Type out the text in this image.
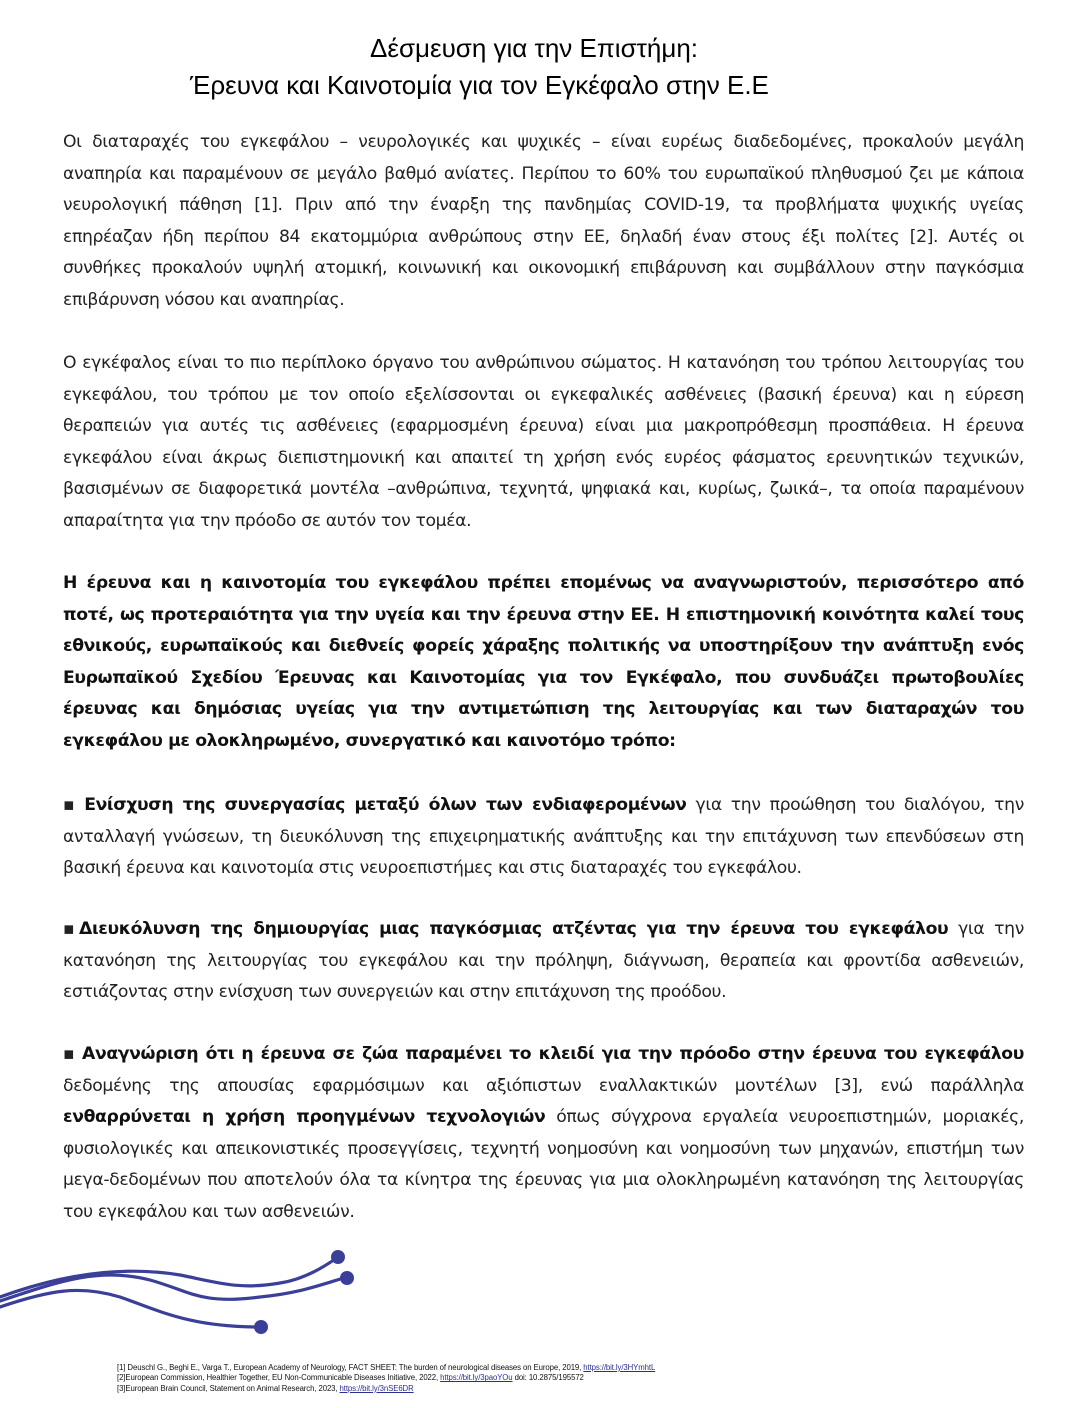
Δέσμευση για την Επιστήμη:
Έρευνα και Καινοτομία για τον Εγκέφαλο στην Ε.Ε
Οι διαταραχές του εγκεφάλου – νευρολογικές και ψυχικές – είναι ευρέως διαδεδομένες, προκαλούν μεγάλη αναπηρία και παραμένουν σε μεγάλο βαθμό ανίατες. Περίπου το 60% του ευρωπαϊκού πληθυσμού ζει με κάποια νευρολογική πάθηση [1]. Πριν από την έναρξη της πανδημίας COVID-19, τα προβλήματα ψυχικής υγείας επηρέαζαν ήδη περίπου 84 εκατομμύρια ανθρώπους στην ΕΕ, δηλαδή έναν στους έξι πολίτες [2]. Αυτές οι συνθήκες προκαλούν υψηλή ατομική, κοινωνική και οικονομική επιβάρυνση και συμβάλλουν στην παγκόσμια επιβάρυνση νόσου και αναπηρίας.
Ο εγκέφαλος είναι το πιο περίπλοκο όργανο του ανθρώπινου σώματος. Η κατανόηση του τρόπου λειτουργίας του εγκεφάλου, του τρόπου με τον οποίο εξελίσσονται οι εγκεφαλικές ασθένειες (βασική έρευνα) και η εύρεση θεραπειών για αυτές τις ασθένειες (εφαρμοσμένη έρευνα) είναι μια μακροπρόθεσμη προσπάθεια. Η έρευνα εγκεφάλου είναι άκρως διεπιστημονική και απαιτεί τη χρήση ενός ευρέος φάσματος ερευνητικών τεχνικών, βασισμένων σε διαφορετικά μοντέλα –ανθρώπινα, τεχνητά, ψηφιακά και, κυρίως, ζωικά–, τα οποία παραμένουν απαραίτητα για την πρόοδο σε αυτόν τον τομέα.
Η έρευνα και η καινοτομία του εγκεφάλου πρέπει επομένως να αναγνωριστούν, περισσότερο από ποτέ, ως προτεραιότητα για την υγεία και την έρευνα στην ΕΕ. Η επιστημονική κοινότητα καλεί τους εθνικούς, ευρωπαϊκούς και διεθνείς φορείς χάραξης πολιτικής να υποστηρίξουν την ανάπτυξη ενός Ευρωπαϊκού Σχεδίου Έρευνας και Καινοτομίας για τον Εγκέφαλο, που συνδυάζει πρωτοβουλίες έρευνας και δημόσιας υγείας για την αντιμετώπιση της λειτουργίας και των διαταραχών του εγκεφάλου με ολοκληρωμένο, συνεργατικό και καινοτόμο τρόπο:
▪ Ενίσχυση της συνεργασίας μεταξύ όλων των ενδιαφερομένων για την προώθηση του διαλόγου, την ανταλλαγή γνώσεων, τη διευκόλυνση της επιχειρηματικής ανάπτυξης και την επιτάχυνση των επενδύσεων στη βασική έρευνα και καινοτομία στις νευροεπιστήμες και στις διαταραχές του εγκεφάλου.
▪Διευκόλυνση της δημιουργίας μιας παγκόσμιας ατζέντας για την έρευνα του εγκεφάλου για την κατανόηση της λειτουργίας του εγκεφάλου και την πρόληψη, διάγνωση, θεραπεία και φροντίδα ασθενειών, εστιάζοντας στην ενίσχυση των συνεργειών και στην επιτάχυνση της προόδου.
▪ Αναγνώριση ότι η έρευνα σε ζώα παραμένει το κλειδί για την πρόοδο στην έρευνα του εγκεφάλου δεδομένης της απουσίας εφαρμόσιμων και αξιόπιστων εναλλακτικών μοντέλων [3], ενώ παράλληλα ενθαρρύνεται η χρήση προηγμένων τεχνολογιών όπως σύγχρονα εργαλεία νευροεπιστημών, μοριακές, φυσιολογικές και απεικονιστικές προσεγγίσεις, τεχνητή νοημοσύνη και νοημοσύνη των μηχανών, επιστήμη των μεγα-δεδομένων που αποτελούν όλα τα κίνητρα της έρευνας για μια ολοκληρωμένη κατανόηση της λειτουργίας του εγκεφάλου και των ασθενειών.
[1] Deuschl G., Beghi E., Varga T., European Academy of Neurology, FACT SHEET: The burden of neurological diseases on Europe, 2019, https://bit.ly/3HYmhtL
[2]European Commission, Healthier Together, EU Non-Communicable Diseases Initiative, 2022, https://bit.ly/3paoYOu doi: 10.2875/195572
[3]European Brain Council, Statement on Animal Research, 2023, https://bit.ly/3nSE6DR
